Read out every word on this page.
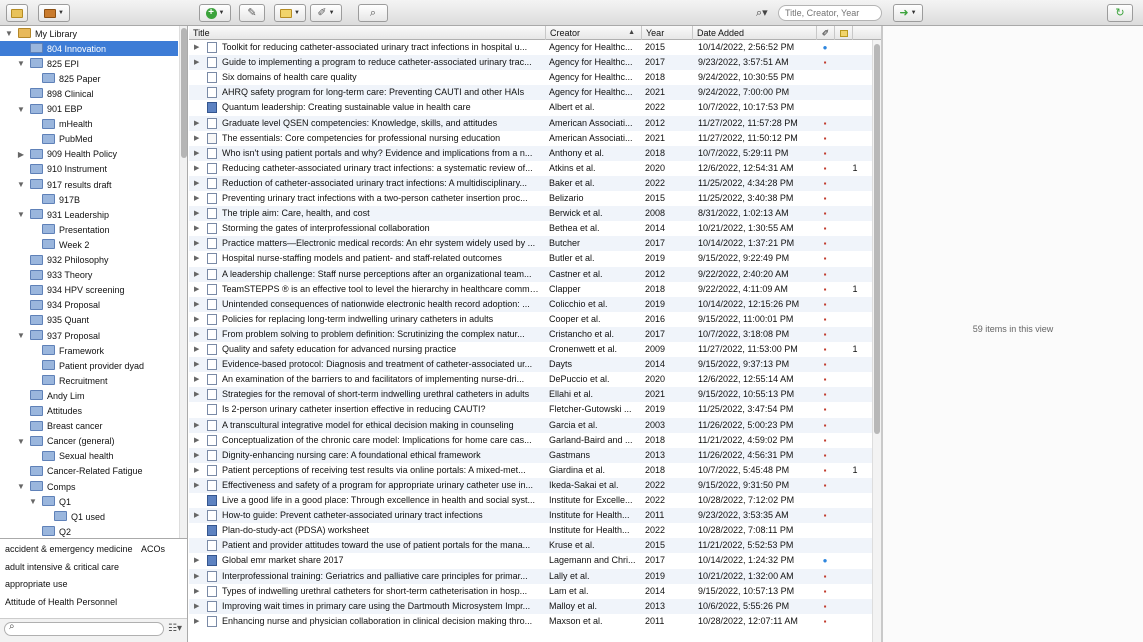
▼	+ ▼ ✎	▼ ✐ ▼	⌕	⌕▾
Title, Creator, Year	➜ ▼	↻
▼ My Library
804 Innovation
▼ 825 EPI
825 Paper
898 Clinical
▼ 901 EBP
mHealth
PubMed
▶	909 Health Policy
910 Instrument
▼ 917 results draft
917B
▼ 931 Leadership
Presentation
Week 2
932 Philosophy
933 Theory
934 HPV screening
934 Proposal
935 Quant
▼ 937 Proposal
Framework
Patient provider dyad
Recruitment
Andy Lim
Attitudes
Breast cancer
▼ Cancer (general)
Sexual health
Cancer-Related Fatigue
▼ Comps
▼ Q1
Q1 used
Q2
accident & emergency medicine ACOs
adult intensive & critical care
appropriate use
Attitude of Health Personnel
⌕	☷▾
Title	Creator	▲	Year	Date Added	✐
▶	Toolkit for reducing catheter-associated urinary tract infections in hospital u...	Agency for Healthc...	2015	10/14/2022, 2:56:52 PM	●
▶	Guide to implementing a program to reduce catheter-associated urinary trac...	Agency for Healthc...	2017	9/23/2022, 3:57:51 AM	▪
Six domains of health care quality	Agency for Healthc...	2018	9/24/2022, 10:30:55 PM
AHRQ safety program for long-term care: Preventing CAUTI and other HAIs	Agency for Healthc...	2021	9/24/2022, 7:00:00 PM
Quantum leadership: Creating sustainable value in health care	Albert et al.	2022	10/7/2022, 10:17:53 PM
▶	Graduate level QSEN competencies: Knowledge, skills, and attitudes	American Associati...	2012	11/27/2022, 11:57:28 PM	▪
▶	The essentials: Core competencies for professional nursing education	American Associati...	2021	11/27/2022, 11:50:12 PM	▪
▶	Who isn't using patient portals and why? Evidence and implications from a n...	Anthony et al.	2018	10/7/2022, 5:29:11 PM	▪
▶	Reducing catheter-associated urinary tract infections: a systematic review of...	Atkins et al.	2020	12/6/2022, 12:54:31 AM	▪	1
▶	Reduction of catheter-associated urinary tract infections: A multidisciplinary...	Baker et al.	2022	11/25/2022, 4:34:28 PM	▪
▶	Preventing urinary tract infections with a two-person catheter insertion proc...	Belizario	2015	11/25/2022, 3:40:38 PM	▪
▶	The triple aim: Care, health, and cost	Berwick et al.	2008	8/31/2022, 1:02:13 AM	▪
▶	Storming the gates of interprofessional collaboration	Bethea et al.	2014	10/21/2022, 1:30:55 AM	▪
▶	Practice matters—Electronic medical records: An ehr system widely used by ...	Butcher	2017	10/14/2022, 1:37:21 PM	▪
▶	Hospital nurse-staffing models and patient- and staff-related outcomes	Butler et al.	2019	9/15/2022, 9:22:49 PM	▪
▶	A leadership challenge: Staff nurse perceptions after an organizational team...	Castner et al.	2012	9/22/2022, 2:40:20 AM	▪
▶	TeamSTEPPS ® is an effective tool to level the hierarchy in healthcare commu...	Clapper	2018	9/22/2022, 4:11:09 AM	▪	1
▶	Unintended consequences of nationwide electronic health record adoption: ...	Colicchio et al.	2019	10/14/2022, 12:15:26 PM	▪
▶	Policies for replacing long-term indwelling urinary catheters in adults	Cooper et al.	2016	9/15/2022, 11:00:01 PM	▪
▶	From problem solving to problem definition: Scrutinizing the complex natur...	Cristancho et al.	2017	10/7/2022, 3:18:08 PM	▪
▶	Quality and safety education for advanced nursing practice	Cronenwett et al.	2009	11/27/2022, 11:53:00 PM	▪	1
▶	Evidence-based protocol: Diagnosis and treatment of catheter-associated ur...	Dayts	2014	9/15/2022, 9:37:13 PM	▪
▶	An examination of the barriers to and facilitators of implementing nurse-dri...	DePuccio et al.	2020	12/6/2022, 12:55:14 AM	▪
▶	Strategies for the removal of short-term indwelling urethral catheters in adults	Ellahi et al.	2021	9/15/2022, 10:55:13 PM	▪
Is 2-person urinary catheter insertion effective in reducing CAUTI?	Fletcher-Gutowski ...	2019	11/25/2022, 3:47:54 PM	▪
▶	A transcultural integrative model for ethical decision making in counseling	Garcia et al.	2003	11/26/2022, 5:00:23 PM	▪
▶	Conceptualization of the chronic care model: Implications for home care cas...	Garland-Baird and ...	2018	11/21/2022, 4:59:02 PM	▪
▶	Dignity-enhancing nursing care: A foundational ethical framework	Gastmans	2013	11/26/2022, 4:56:31 PM	▪
▶	Patient perceptions of receiving test results via online portals: A mixed-met...	Giardina et al.	2018	10/7/2022, 5:45:48 PM	▪	1
▶	Effectiveness and safety of a program for appropriate urinary catheter use in...	Ikeda-Sakai et al.	2022	9/15/2022, 9:31:50 PM	▪
Live a good life in a good place: Through excellence in health and social syst...	Institute for Excelle...	2022	10/28/2022, 7:12:02 PM
▶	How-to guide: Prevent catheter-associated urinary tract infections	Institute for Health...	2011	9/23/2022, 3:53:35 AM	▪
Plan-do-study-act (PDSA) worksheet	Institute for Health...	2022	10/28/2022, 7:08:11 PM
Patient and provider attitudes toward the use of patient portals for the mana...	Kruse et al.	2015	11/21/2022, 5:52:53 PM
▶	Global emr market share 2017	Lagemann and Chri...	2017	10/14/2022, 1:24:32 PM	●
▶	Interprofessional training: Geriatrics and palliative care principles for primar...	Lally et al.	2019	10/21/2022, 1:32:00 AM	▪
▶	Types of indwelling urethral catheters for short-term catheterisation in hosp...	Lam et al.	2014	9/15/2022, 10:57:13 PM	▪
▶	Improving wait times in primary care using the Dartmouth Microsystem Impr...	Malloy et al.	2013	10/6/2022, 5:55:26 PM	▪
▶	Enhancing nurse and physician collaboration in clinical decision making thro...	Maxson et al.	2011	10/28/2022, 12:07:11 AM	▪
59 items in this view
